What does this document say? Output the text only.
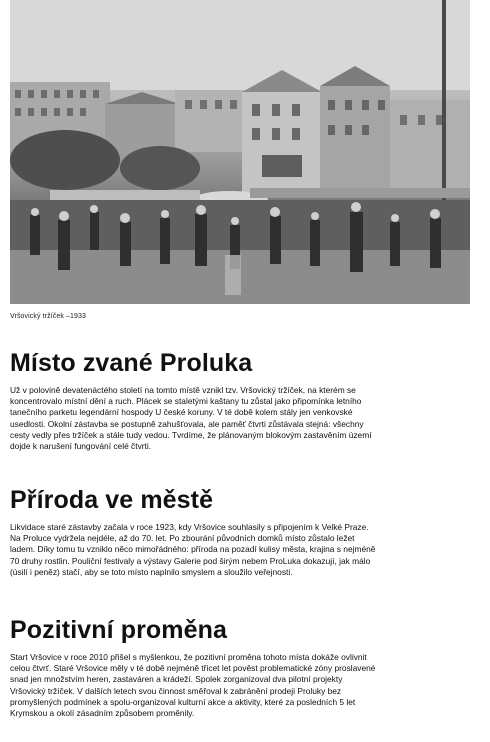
Vršovický tržíček –1933
Místo zvané Proluka

Už v polovině devatenáctého století na tomto místě vznikl tzv. Vršovický tržíček, na kterém se koncentrovalo místní dění a ruch. Plácek se staletými kaštany tu zůstal jako připomínka letního tanečního parketu legendární hospody U české koruny. V té době kolem stály jen venkovské usedlosti. Okolní zástavba se postupně zahušťovala, ale paměť čtvrti zůstávala stejná: všechny cesty vedly přes tržíček a stále tudy vedou. Tvrdíme, že plánovaným blokovým zastavěním území dojde k narušení fungování celé čtvrti.

Příroda ve městě

Likvidace staré zástavby začala v roce 1923, kdy Vršovice souhlasily s připojením k Velké Praze. Na Proluce vydržela nejdéle, až do 70. let. Po zbourání původních domků místo zůstalo ležet ladem. Díky tomu tu vzniklo něco mimořádného: příroda na pozadí kulisy města, krajina s nejméně 70 druhy rostlin. Pouliční festivaly a výstavy Galerie pod širým nebem ProLuka dokazují, jak málo (úsilí i peněz) stačí, aby se toto místo naplnilo smyslem a sloužilo veřejnosti.

Pozitivní proměna

Start Vršovice v roce 2010 přišel s myšlenkou, že pozitivní proměna tohoto místa dokáže ovlivnit celou čtvrť. Staré Vršovice měly v té době nejméně třicet let pověst problematické zóny proslavené snad jen množstvím heren, zastaváren a krádeží. Spolek zorganizoval dva pilotní projekty Vršovický tržíček. V dalších letech svou činnost směřoval k zabránění prodeji Proluky bez promyšlených podmínek a spolu-organizoval kulturní akce a aktivity, které za posledních 5 let Krymskou a okolí zásadním způsobem proměnily.
